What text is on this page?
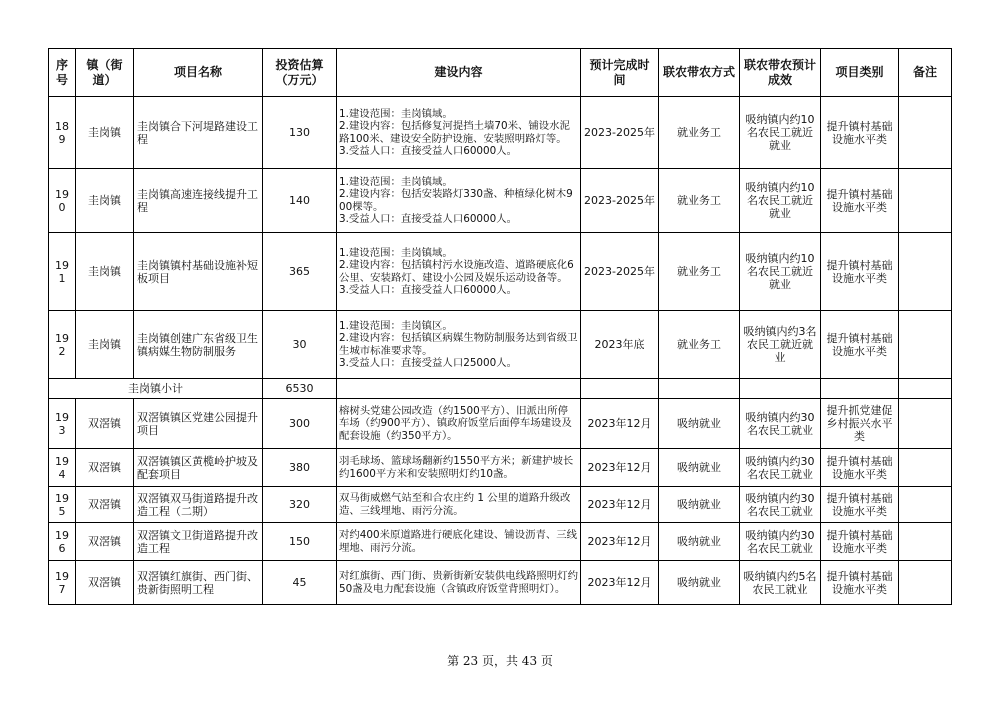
序号	镇（街道）	项目名称	投资估算（万元）	建设内容	预计完成时间	联农带农方式	联农带农预计成效	项目类别	备注
189	圭岗镇	圭岗镇合下河堤路建设工程	130	1.建设范围：圭岗镇域。
2.建设内容：包括修复河提挡土墙70米、铺设水泥路100米、建设安全防护设施、安装照明路灯等。
3.受益人口：直接受益人口60000人。	2023-2025年	就业务工	吸纳镇内约10名农民工就近就业	提升镇村基础设施水平类	
190	圭岗镇	圭岗镇高速连接线提升工程	140	1.建设范围：圭岗镇域。
2.建设内容：包括安装路灯330盏、种植绿化树木900棵等。
3.受益人口：直接受益人口60000人。	2023-2025年	就业务工	吸纳镇内约10名农民工就近就业	提升镇村基础设施水平类	
191	圭岗镇	圭岗镇镇村基础设施补短板项目	365	1.建设范围：圭岗镇域。
2.建设内容：包括镇村污水设施改造、道路硬底化6公里、安装路灯、建设小公园及娱乐运动设备等。
3.受益人口：直接受益人口60000人。	2023-2025年	就业务工	吸纳镇内约10名农民工就近就业	提升镇村基础设施水平类	
192	圭岗镇	圭岗镇创建广东省级卫生镇病媒生物防制服务	30	1.建设范围：圭岗镇区。
2.建设内容：包括镇区病媒生物防制服务达到省级卫生城市标准要求等。
3.受益人口：直接受益人口25000人。	2023年底	就业务工	吸纳镇内约3名农民工就近就业	提升镇村基础设施水平类	
圭岗镇小计			6530						
193	双滘镇	双滘镇镇区党建公园提升项目	300	榕树头党建公园改造（约1500平方）、旧派出所停车场（约900平方）、镇政府饭堂后面停车场建设及配套设施（约350平方）。	2023年12月	吸纳就业	吸纳镇内约30名农民工就业	提升抓党建促乡村振兴水平类	
194	双滘镇	双滘镇镇区黄榄岭护坡及配套项目	380	羽毛球场、篮球场翻新约1550平方米；新建护坡长约1600平方米和安装照明灯约10盏。	2023年12月	吸纳就业	吸纳镇内约30名农民工就业	提升镇村基础设施水平类	
195	双滘镇	双滘镇双马街道路提升改造工程（二期）	320	双马街威燃气站至和合农庄约 1 公里的道路升级改造、三线埋地、雨污分流。	2023年12月	吸纳就业	吸纳镇内约30名农民工就业	提升镇村基础设施水平类	
196	双滘镇	双滘镇文卫街道路提升改造工程	150	对约400米原道路进行硬底化建设、铺设沥青、三线埋地、雨污分流。	2023年12月	吸纳就业	吸纳镇内约30名农民工就业	提升镇村基础设施水平类	
197	双滘镇	双滘镇红旗街、西门街、贵新街照明工程	45	对红旗街、西门街、贵新街新安装供电线路照明灯约50盏及电力配套设施（含镇政府饭堂背照明灯）。	2023年12月	吸纳就业	吸纳镇内约5名农民工就业	提升镇村基础设施水平类	
第 23 页，共 43 页
